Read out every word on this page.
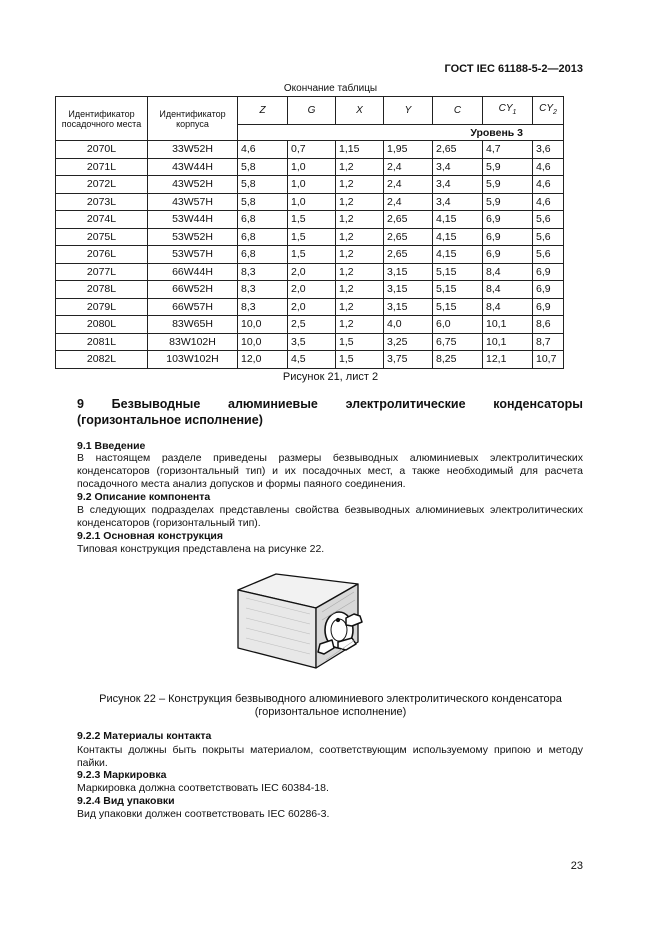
ГОСТ IEC 61188-5-2—2013
Окончание таблицы
Идентификатор посадочного места	Идентификатор корпуса	Z	G	X	Y	C	$CY_1$	$CY_2$
		Уровень 3						
2070L	33W52H	4,6	0,7	1,15	1,95	2,65	4,7	3,6
2071L	43W44H	5,8	1,0	1,2	2,4	3,4	5,9	4,6
2072L	43W52H	5,8	1,0	1,2	2,4	3,4	5,9	4,6
2073L	43W57H	5,8	1,0	1,2	2,4	3,4	5,9	4,6
2074L	53W44H	6,8	1,5	1,2	2,65	4,15	6,9	5,6
2075L	53W52H	6,8	1,5	1,2	2,65	4,15	6,9	5,6
2076L	53W57H	6,8	1,5	1,2	2,65	4,15	6,9	5,6
2077L	66W44H	8,3	2,0	1,2	3,15	5,15	8,4	6,9
2078L	66W52H	8,3	2,0	1,2	3,15	5,15	8,4	6,9
2079L	66W57H	8,3	2,0	1,2	3,15	5,15	8,4	6,9
2080L	83W65H	10,0	2,5	1,2	4,0	6,0	10,1	8,6
2081L	83W102H	10,0	3,5	1,5	3,25	6,75	10,1	8,7
2082L	103W102H	12,0	4,5	1,5	3,75	8,25	12,1	10,7
Рисунок 21, лист 2
9 Безвыводные алюминиевые электролитические конденсаторы
(горизонтальное исполнение)
9.1 Введение
В настоящем разделе приведены размеры безвыводных алюминиевых электролитических конденсаторов (горизонтальный тип) и их посадочных мест, а также необходимый для расчета посадочного места анализ допусков и формы паяного соединения.
9.2 Описание компонента
В следующих подразделах представлены свойства безвыводных алюминиевых электролитических конденсаторов (горизонтальный тип).
9.2.1 Основная конструкция
Типовая конструкция представлена на рисунке 22.
Рисунок 22 – Конструкция безвыводного алюминиевого электролитического конденсатора
(горизонтальное исполнение)
9.2.2 Материалы контакта
Контакты должны быть покрыты материалом, соответствующим используемому припою и методу пайки.
9.2.3 Маркировка
Маркировка должна соответствовать IEC 60384-18.
9.2.4 Вид упаковки
Вид упаковки должен соответствовать IEC 60286-3.
23
